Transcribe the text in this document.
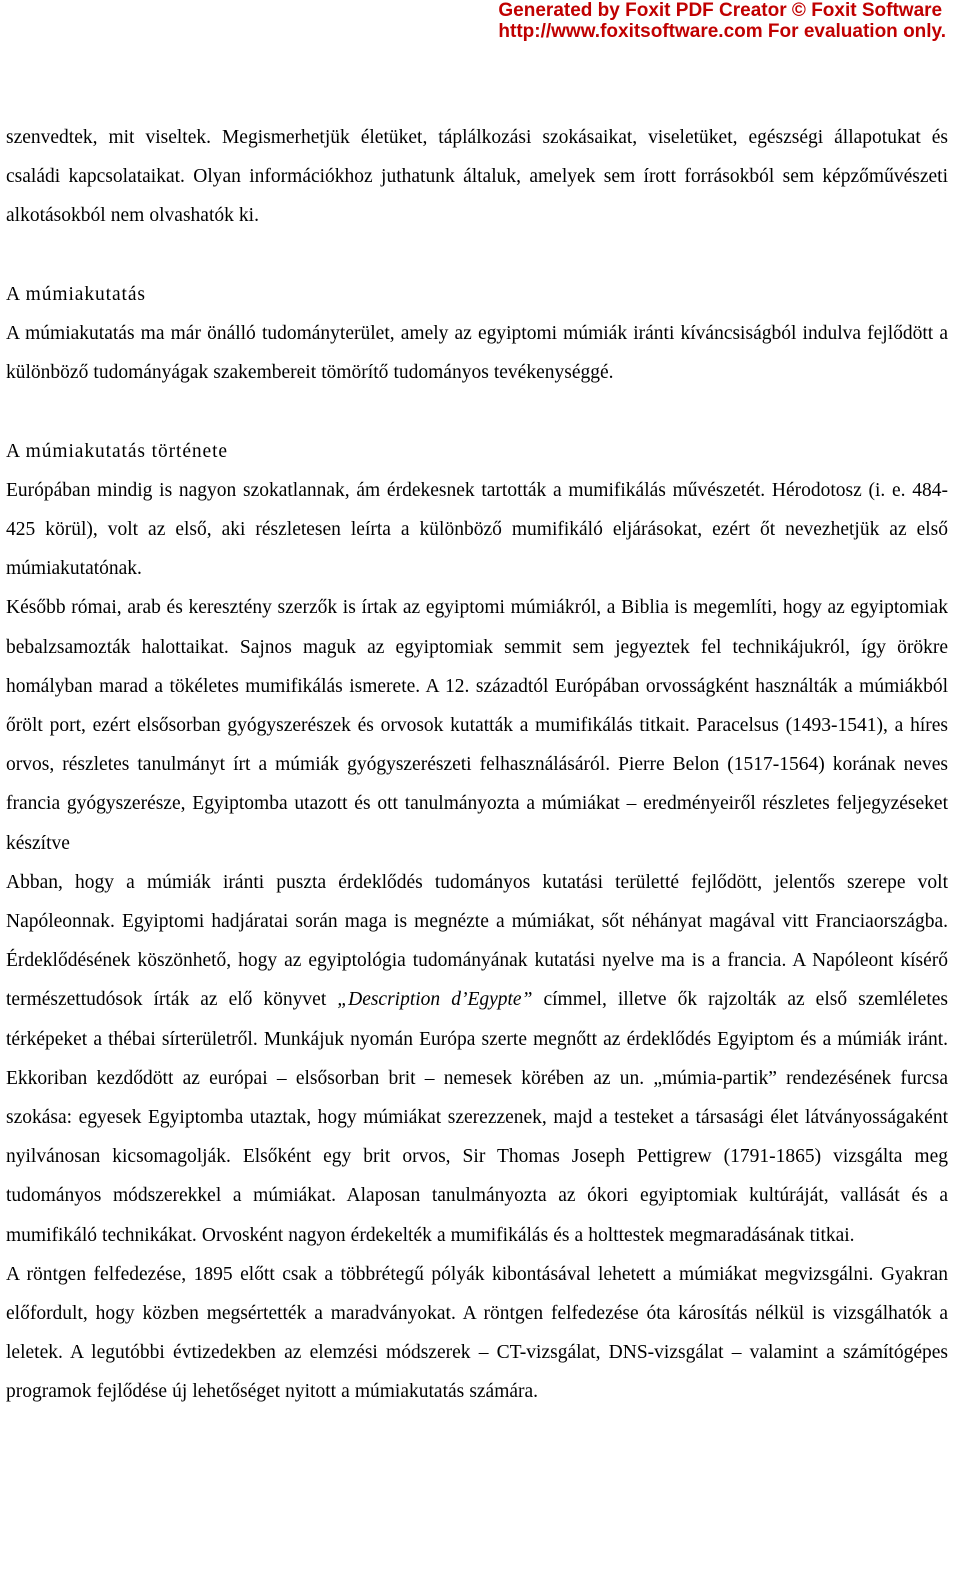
Generated by Foxit PDF Creator © Foxit Software
http://www.foxitsoftware.com For evaluation only.

szenvedtek, mit viseltek. Megismerhetjük életüket, táplálkozási szokásaikat, viseletüket, egészségi állapotukat és családi kapcsolataikat. Olyan információkhoz juthatunk általuk, amelyek sem írott forrásokból sem képzőművészeti alkotásokból nem olvashatók ki.

A múmiakutatás

A múmiakutatás ma már önálló tudományterület, amely az egyiptomi múmiák iránti kíváncsiságból indulva fejlődött a különböző tudományágak szakembereit tömörítő tudományos tevékenységgé.

A múmiakutatás története

Európában mindig is nagyon szokatlannak, ám érdekesnek tartották a mumifikálás művészetét. Hérodotosz (i. e. 484-425 körül), volt az első, aki részletesen leírta a különböző mumifikáló eljárásokat, ezért őt nevezhetjük az első múmiakutatónak.

Később római, arab és keresztény szerzők is írtak az egyiptomi múmiákról, a Biblia is megemlíti, hogy az egyiptomiak bebalzsamozták halottaikat. Sajnos maguk az egyiptomiak semmit sem jegyeztek fel technikájukról, így örökre homályban marad a tökéletes mumifikálás ismerete. A 12. századtól Európában orvosságként használták a múmiákból őrölt port, ezért elsősorban gyógyszerészek és orvosok kutatták a mumifikálás titkait. Paracelsus (1493-1541), a híres orvos, részletes tanulmányt írt a múmiák gyógyszerészeti felhasználásáról. Pierre Belon (1517-1564) korának neves francia gyógyszerésze, Egyiptomba utazott és ott tanulmányozta a múmiákat – eredményeiről részletes feljegyzéseket készítve

Abban, hogy a múmiák iránti puszta érdeklődés tudományos kutatási területté fejlődött, jelentős szerepe volt Napóleonnak. Egyiptomi hadjáratai során maga is megnézte a múmiákat, sőt néhányat magával vitt Franciaországba. Érdeklődésének köszönhető, hogy az egyiptológia tudományának kutatási nyelve ma is a francia. A Napóleont kísérő természettudósok írták az elő könyvet „Description d’Egypte” címmel, illetve ők rajzolták az első szemléletes térképeket a thébai sírterületről. Munkájuk nyomán Európa szerte megnőtt az érdeklődés Egyiptom és a múmiák iránt. Ekkoriban kezdődött az európai – elsősorban brit – nemesek körében az un. „múmia-partik” rendezésének furcsa szokása: egyesek Egyiptomba utaztak, hogy múmiákat szerezzenek, majd a testeket a társasági élet látványosságaként nyilvánosan kicsomagolják. Elsőként egy brit orvos, Sir Thomas Joseph Pettigrew (1791-1865) vizsgálta meg tudományos módszerekkel a múmiákat. Alaposan tanulmányozta az ókori egyiptomiak kultúráját, vallását és a mumifikáló technikákat. Orvosként nagyon érdekelték a mumifikálás és a holttestek megmaradásának titkai.

A röntgen felfedezése, 1895 előtt csak a többrétegű pólyák kibontásával lehetett a múmiákat megvizsgálni. Gyakran előfordult, hogy közben megsértették a maradványokat. A röntgen felfedezése óta károsítás nélkül is vizsgálhatók a leletek. A legutóbbi évtizedekben az elemzési módszerek – CT-vizsgálat, DNS-vizsgálat – valamint a számítógépes programok fejlődése új lehetőséget nyitott a múmiakutatás számára.
